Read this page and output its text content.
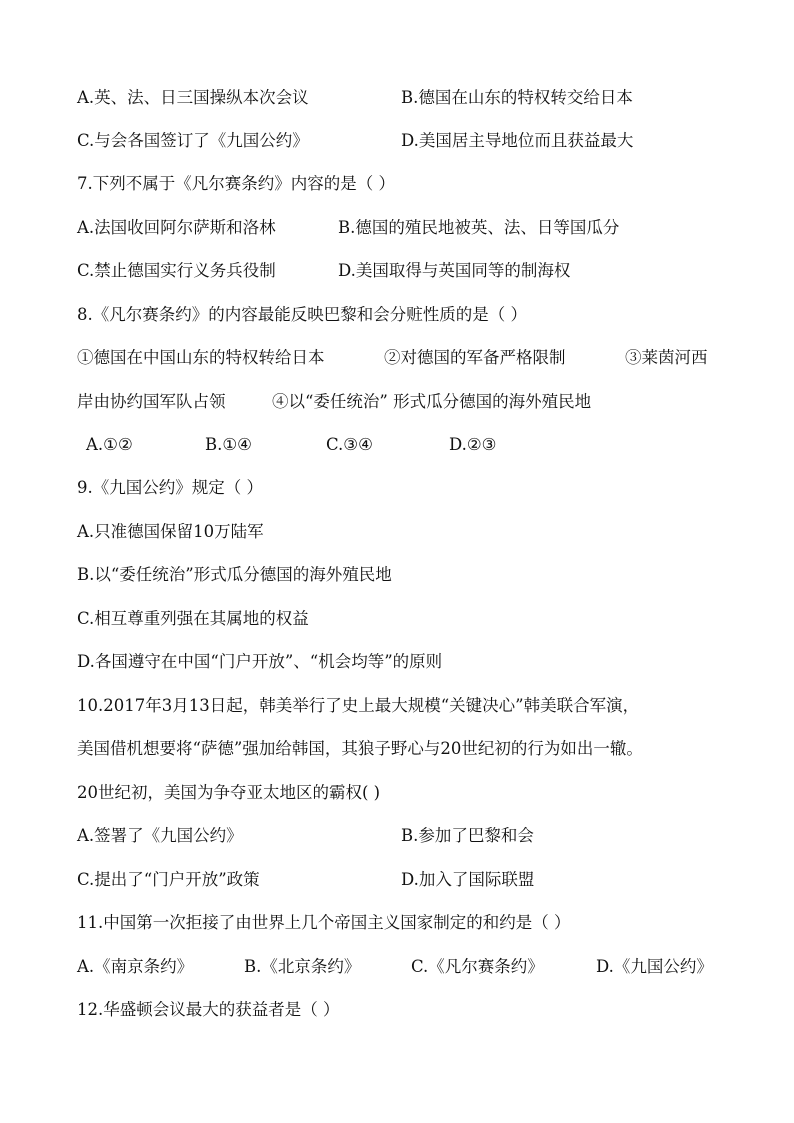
A.英、法、日三国操纵本次会议	B.德国在山东的特权转交给日本
C.与会各国签订了《九国公约》	D.美国居主导地位而且获益最大
7.下列不属于《凡尔赛条约》内容的是（ ）
A.法国收回阿尔萨斯和洛林	B.德国的殖民地被英、法、日等国瓜分
C.禁止德国实行义务兵役制	D.美国取得与英国同等的制海权
8.《凡尔赛条约》的内容最能反映巴黎和会分赃性质的是（ ）
①德国在中国山东的特权转给日本	②对德国的军备严格限制	③莱茵河西
岸由协约国军队占领	④以“委任统治” 形式瓜分德国的海外殖民地
A.①②	B.①④	C.③④	D.②③
9.《九国公约》规定（ ）
A.只准德国保留10万陆军
B.以“委任统治”形式瓜分德国的海外殖民地
C.相互尊重列强在其属地的权益
D.各国遵守在中国“门户开放”、“机会均等”的原则
10.2017年3月13日起，韩美举行了史上最大规模“关键决心”韩美联合军演，
美国借机想要将“萨德”强加给韩国，其狼子野心与20世纪初的行为如出一辙。
20世纪初，美国为争夺亚太地区的霸权( )
A.签署了《九国公约》	B.参加了巴黎和会
C.提出了“门户开放”政策	D.加入了国际联盟
11.中国第一次拒接了由世界上几个帝国主义国家制定的和约是（ ）
A.《南京条约》	B.《北京条约》	C.《凡尔赛条约》	D.《九国公约》
12.华盛顿会议最大的获益者是（ ）
